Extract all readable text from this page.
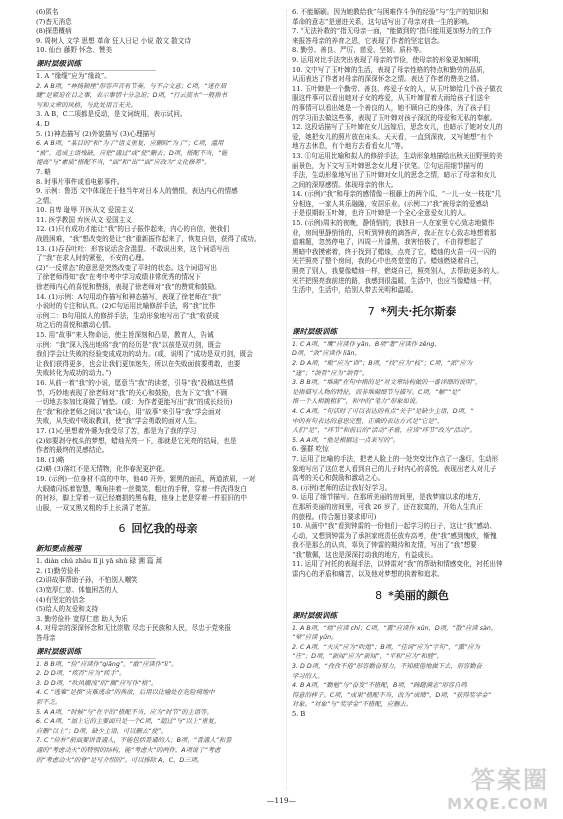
(6)匿名
(7)杳无消息
(8)探患概病
9. 周树人 文学 思想 革命 狂人日记 小说 散文 散文诗
10. 仙台 藤野 怀念、赞美
课时层级训练
1. A “缘缆”应为“缘故”。
2. A B项，“神扬顿挫”形容声音有节奏，与不合文意；C项，“迷在眉
睫”是紧迫在目之事，表示事情十分急迫；D项，“行云流水”一般指书
写和文章的风格，与此处语言无关。
3. A B，C二项都是反动，是文词统用，表示试问。
4. D
5. (1)神态描写 (2)外貌描写 (3)心理描写
6. A B项，“某目的”和“为了”语义重复，应删除“为了”；C项，滥用
“被”，造成主语残缺，应把“通过”或“使”删去；D项，搭配不当，“能
提高”与“素质”搭配不当，“面”和“出”“面”应改为“文化修养”。
7. 略
8. 时事片事件或看电影事件。
9. 示例：鲁迅 文中体现在于他当年对日本人的憎恨，表达内心的情感
之情。
10. 自卑 耻辱 开医从文 爱国主义
11. 医学教国 弃医从文 爱国主义
12. (1)只有成功才能让“我”的日子振作起来，内心的自信，使我们
战胜困难，“我”想改变的是让“我”重新振作起来了，恢复自信，获得了成功。
13. (1)吞吞吐吐：形容说话含含混混、不敢说出来，这个词语写出
了“我”在求人时的紧张，不安的心理。
(2)“一反常态”的意思是突然改变了平时的状态。这个词语写出
了徐老师得知“我”在考中考中学习成绩非常优秀的情况下
徐老师内心的喜悦和赞扬，表现了徐老师对“我”的赞赏和鼓励。
14. (1)示例：A句用动作描写和神态描写，表现了徐老师在“我”
小说时的专注和认真。(2)C句运用比喻修辞手法，将“我”比作
示例二：B句用拟人的修辞手法，生动形象地写出了“我”收获成
功之后的喜悦和激动心情。
15. 用“故事”来人物命运，使主旨深刻和凸显，教育人，告诫
示例：“我”深入浅出地将“我”的经历是“我”以前是双刃剑，既会
我们学会让失败的经验变成成功的动力。(或，说明了“成功是双刃剑，既会
让我们获得更多，也会让我们更加迷失，所以在失败面前要勇敢，也要
失败转化为成功的动力。”)
16. 从前一着“我”的小说，愿意当“我”的读者，引导“我”投稿这些情
节，巧妙地表现了徐老师对“我”的关心和鼓励，也为下文“我”不顾
一切地去参加比赛做了铺垫。(或：为作者更能写出“我”的成长经历)
在“我”和徐老师之间以“我”谈心，用“故事”来引导“我”学会面对
失败，从失败中吸取教训，使“我”学会勇敢的面对人生。
17. (1)心里想着外婆为我受尽了苦，都是为了我的学习
(2)如要剥夺枕头的梦想，蜡烛光亮一下，那就是它光亮的结局，也是
作者的最终的灵感结论。
18. (1)略
(2)略 (3)落红不是无情物，化作春泥更护花。
19. (示例)一位身材不高的中年，他40 开外，繁黑的面孔，两道浓眉，一对
大眼睛闪烁着智慧，嘴角挂着一丝微笑，粗壮的手臂，穿着一件洗得发白
的衬衫，脚上穿着一双已经磨损的黑布鞋，他身上老是穿着一件很旧的中
山服，一双又黑又粗的手上长满了老茧。
6 回忆我的母亲
新知要点梳理
1. diàn chǔ zhǎu lǐ jì yǎ shǔ 碌 溯 篇 蒿
2. (1)勤劳俭朴
(2)讲故事帮助子孙，不怕别人嘲笑
(3)宽厚仁慈、体恤困苦的人
(4)有坚定的信念
(5)给人的友爱和支持
3. 勤劳俭朴 宽厚仁慈 助人为乐
4. 对母亲的深深怀念和无比崇敬 尽忠于民族和人民，尽忠于党来报
答母亲
课时层级训练
1. B B项，“俭”应读作“qiǎng”，“敢”应读作“lì”。
2. D D项，“疾首”应为“疾手”。
3. D D项，“吹风搁浅”的“搁”应写作“格”。
4. C “逃难”是指“灾难逃命”的典故，后用以比喻处在危险境地中
彩不乏。
5. A A项，“时候”与“在平的”搭配不当，应为“时节”的主语等。
6. C A项，“加上它的主要面只是一个C项，“超过”与“以上”重复，
应删“以上”；D项，缺少主语，可以删去“使”。
7. C “俭朴”前面要讲普通人，不能包括普通的人；B项，“普通人”和普
通的“考虑动火”的特别的结构，能“考虑火”的两件，A项说了“考虑
的“考虑动火”的脊“是写介绍的”。可以排除 A，C，D三项。
6. 不能厮刷。因为她教给我“与困难作斗争的经验”与“生产的知识和
革命的意志”是递进关系，这句话写出了母亲对我一生的影响。
7. “无法补救的”指无母亲一面，“能做到的”指只能用更加努力的工作
来报答母亲的养育之恩，它表现了作者的坚定信念。
8. 勤劳、善良、严厉、慈爱、坚韧、质朴等。
9. 运用对比手法突出表现了母亲的节俭，使母亲的形象更加鲜明，
10. 文中写了玉叶婶的生活，表现了母亲性格的特点和勤劳的品质，
从而表达了作者对母亲的深深怀念之情。表达了作者的赞美之情。
11. 玉叶婶是一个勤劳、善良、疼爱子女的人，从玉叶婶给几个孩子做衣
服这件事可以看出她对子女的疼爱，从玉叶婶冒着大雨给孩子们送伞
的事情可以看出她是一个善良的人，她不顾自己的身体，为了孩子们
的学习而去做这些事，表现了玉叶婶对孩子深沉的母爱和无私的奉献。
12. 这段话描写了玉叶婶在女儿远嫁后，思念女儿，也暗示了她对女儿的
爱，她把女儿的照片放在床头、天天看，一直到深夜，又写她想“有个
地方去休息，有个地方去看看女儿”等。
13. ①句运用比喻和拟人的修辞手法，生动形象地描绘出秋天田野里的美
丽景色，为下文写玉叶婶思念女儿埋下伏笔。②句运用细节描写的
手法，生动形象地写出了玉叶婶对女儿的思念之情，暗示了母亲和女儿
之间的深厚感情。体现母亲的伟大。
14. (示例)“我”和母亲的感情像一根藤上的两个瓜，“一儿一女一枝花”几
分相连，一家人其乐融融，安居乐业。(示例二)“我”被母亲的爱感动
于是很期盼玉叶婶，也许玉叶婶是一个全心全意爱女儿的人。
15. (示例)周末的夜晚，静悄悄的，我独自一人在家里专心致志地做作
业，房间里静悄悄的，只听到钟表的滴答声，我正在专心致志地想着那
道难题，忽然停电了，四周一片漆黑，我害怕极了，不由得想起了
黑暗中我摸索着，终于找到了蜡烛，点亮了它，蜡烛的火苗一闪一闪的
光芒照亮了整个房间，我的心中也亮堂堂的了。蜡烛燃烧着自己，
照亮了别人，我要像蜡烛一样，燃烧自己，照亮别人，去帮助更多的人。
光芒把照亮我前进的路，我感到很温暖，生活中，也应当像蜡烛一样，
生活中，生活中，给别人带去光明和温暖。
7 *列夫·托尔斯泰
课时层级训练
1. C A项，“鹰”应读作 yǎn，B项“奢”应读作 zēng，
D项，“敛”应读作 liǎn。
2. D A项，“毗”应为“训”；B项，“技”应为“枝”；C项，“派”应为
“逢”；“颌骨”应为“颌骨”。
3. B B项，“堆砌”在句中指的是“对文章结构做的一番详细的说明”，
是指描写人物的特征，而非堆砌细节与描写。C项，“解”“是”
指一个人相貌粗犷”，和中的“笔力”形象如说。
4. C A项，“句话时了可以表达的有点“关于”是缺少主语，D项，“
中的有句表达的意思完整，正确的表达方式是“它是”，
人们“是”，“环节”和前后的“活动”矛盾，应该“环节”改为“活动”。
5. A A项，“他是根据这一点来写的”。
6. 强群 吃惊
7. 运用了比喻的手法，把老人脸上的一处突变比作点了一盏灯，生动形
象地写出了这位老人看到自己的儿子时内心的喜悦。表现出老人对儿子
高考的关心和鼓励和激动之心。
8. (示例)老师的话让我好好学习。
9. 运用了细节描写。在那所美丽的房间里，是我梦寐以求的地方，
在那所美丽的房间里，可我 26 岁了，还在寂寞的，开始人生真正
的旅程。(符合题目要求即可)
10. 从画中“我”看到钟雷的一份他们一起学习的日子，这让“我”感动、
心动，又想到钟雷为了承担家庭责任放弃高考，使“我”感到愧疚，惭愧
我不是那么的认真，辜负了钟雷的期待和友情，写出了“我”想要
“我”敬佩，这也是深深打动我的地方，有益成长。
11. 运用了衬托的表现手法，以钟雷对“我”的帮助和情感变化，衬托出钟
雷内心的矛盾和痛苦，以及他对梦想的执着和追求。
8 *美丽的颜色
课时层级训练
1. A B项，“烦”应读 chǐ；C项，“熏”应读作 xūn，D项，“散”应读 sàn，
“晕”应读 yūn。
2. C A项，“火灾”应为“吹熄”；B项，“佳词”应为“字句”，“熏”应为
“庄”；D项，“新闻”应为“新闻”，“平和”应为“和睦”。
3. D D项，“孜孜不倦”形容勤奋努力，不知疲倦地做下去，形容勤奋
学习的人。
4. B A项，“勤勉”与“奋发”不搭配，B项，“踌躇满志”形容自鸣
得意的样子。C项，“成果”搭配不当，改为“成绩”，D项，“获得奖学金”
对象。“对象”与“奖学金”不搭配，应删去。
5. B
—119—
答案圈
MXQE.COM
